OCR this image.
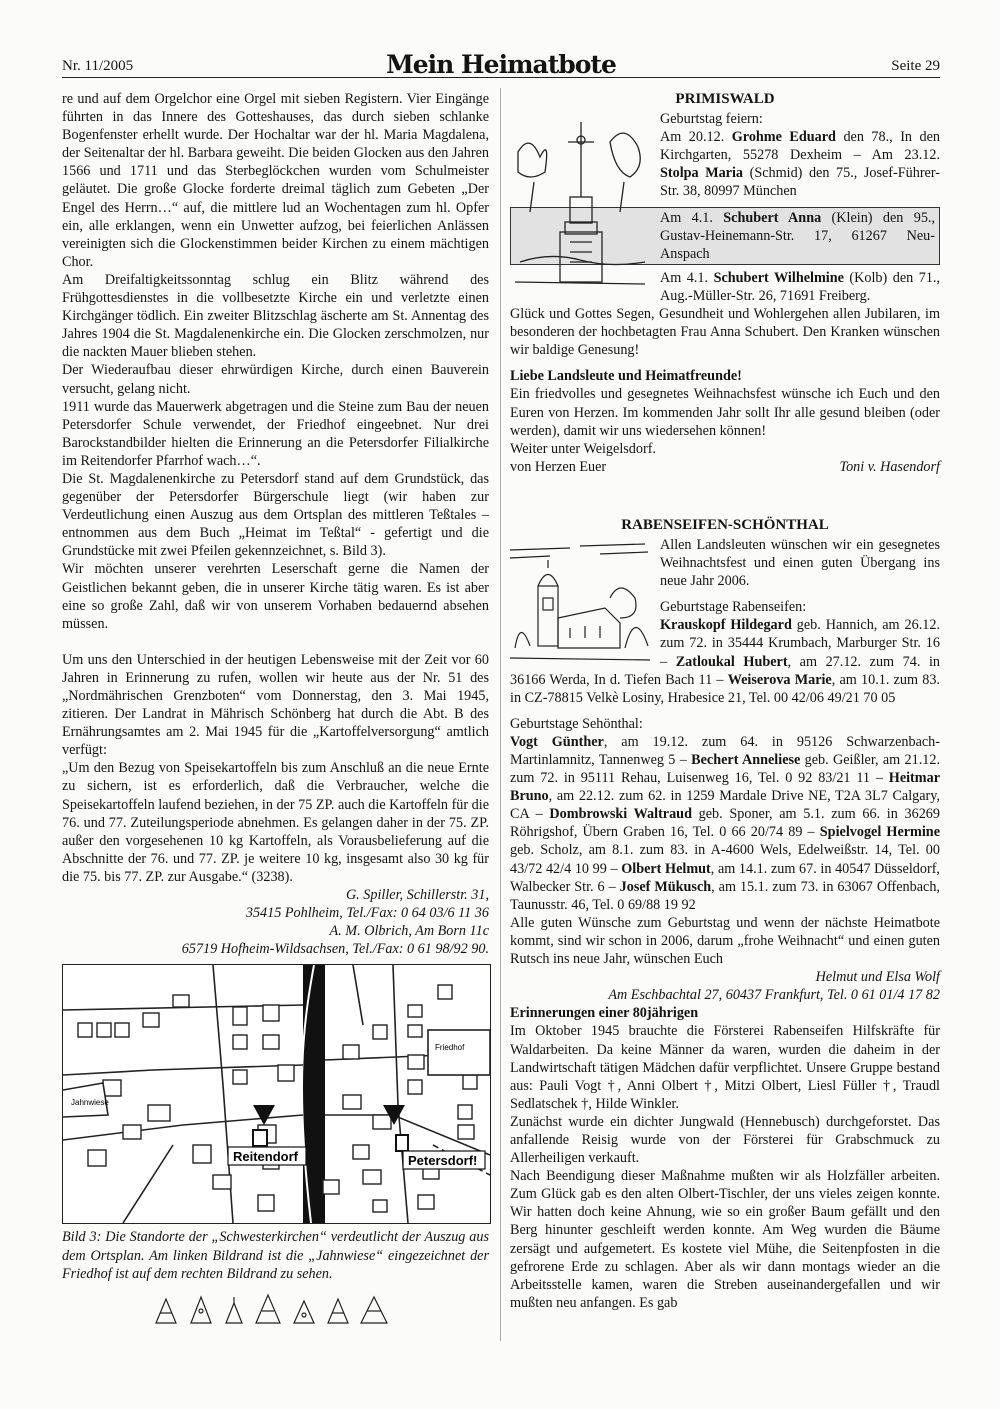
Nr. 11/2005	Mein Heimatbote	Seite 29

re und auf dem Orgelchor eine Orgel mit sieben Registern. Vier Eingänge führten in das Innere des Gotteshauses, das durch sieben schlanke Bogenfenster erhellt wurde. Der Hochaltar war der hl. Maria Magdalena, der Seitenaltar der hl. Barbara geweiht. Die beiden Glocken aus den Jahren 1566 und 1711 und das Sterbeglöckchen wurden vom Schulmeister geläutet. Die große Glocke forderte dreimal täglich zum Gebeten „Der Engel des Herrn…“ auf, die mittlere lud an Wochentagen zum hl. Opfer ein, alle erklangen, wenn ein Unwetter aufzog, bei feierlichen Anlässen vereinigten sich die Glockenstimmen beider Kirchen zu einem mächtigen Chor.

Am Dreifaltigkeitssonntag schlug ein Blitz während des Frühgottesdienstes in die vollbesetzte Kirche ein und verletzte einen Kirchgänger tödlich. Ein zweiter Blitzschlag äscherte am St. Annentag des Jahres 1904 die St. Magdalenenkirche ein. Die Glocken zerschmolzen, nur die nackten Mauer blieben stehen.

Der Wiederaufbau dieser ehrwürdigen Kirche, durch einen Bauverein versucht, gelang nicht.

1911 wurde das Mauerwerk abgetragen und die Steine zum Bau der neuen Petersdorfer Schule verwendet, der Friedhof eingeebnet. Nur drei Barockstandbilder hielten die Erinnerung an die Petersdorfer Filialkirche im Reitendorfer Pfarrhof wach…“.

Die St. Magdalenenkirche zu Petersdorf stand auf dem Grundstück, das gegenüber der Petersdorfer Bürgerschule liegt (wir haben zur Verdeutlichung einen Auszug aus dem Ortsplan des mittleren Teßtales – entnommen aus dem Buch „Heimat im Teßtal“ - gefertigt und die Grundstücke mit zwei Pfeilen gekennzeichnet, s. Bild 3).

Wir möchten unserer verehrten Leserschaft gerne die Namen der Geistlichen bekannt geben, die in unserer Kirche tätig waren. Es ist aber eine so große Zahl, daß wir von unserem Vorhaben bedauernd absehen müssen.

Um uns den Unterschied in der heutigen Lebensweise mit der Zeit vor 60 Jahren in Erinnerung zu rufen, wollen wir heute aus der Nr. 51 des „Nordmährischen Grenzboten“ vom Donnerstag, den 3. Mai 1945, zitieren. Der Landrat in Mährisch Schönberg hat durch die Abt. B des Ernährungsamtes am 2. Mai 1945 für die „Kartoffelversorgung“ amtlich verfügt:

„Um den Bezug von Speisekartoffeln bis zum Anschluß an die neue Ernte zu sichern, ist es erforderlich, daß die Verbraucher, welche die Speisekartoffeln laufend beziehen, in der 75 ZP. auch die Kartoffeln für die 76. und 77. Zuteilungsperiode abnehmen. Es gelangen daher in der 75. ZP. außer den vorgesehenen 10 kg Kartoffeln, als Vorausbelieferung auf die Abschnitte der 76. und 77. ZP. je weitere 10 kg, insgesamt also 30 kg für die 75. bis 77. ZP. zur Ausgabe.“ (3238).

G. Spiller, Schillerstr. 31,

35415 Pohlheim, Tel./Fax: 0 64 03/6 11 36

A. M. Olbrich, Am Born 11c

65719 Hofheim-Wildsachsen, Tel./Fax: 0 61 98/92 90.

Reitendorf	Petersdorf!
Jahnwiese
Friedhof

Bild 3: Die Standorte der „Schwesterkirchen“ verdeutlicht der Auszug aus dem Ortsplan. Am linken Bildrand ist die „Jahnwiese“ eingezeichnet der Friedhof ist auf dem rechten Bildrand zu sehen.

PRIMISWALD

Geburtstag feiern:

Am 20.12. Grohme Eduard den 78., In den Kirchgarten, 55278 Dexheim – Am 23.12. Stolpa Maria (Schmid) den 75., Josef-Führer-Str. 38, 80997 München

Am 4.1. Schubert Anna (Klein) den 95., Gustav-Heinemann-Str. 17, 61267 Neu-Anspach

Am 4.1. Schubert Wilhelmine (Kolb) den 71., Aug.-Müller-Str. 26, 71691 Freiberg.

Glück und Gottes Segen, Gesundheit und Wohlergehen allen Jubilaren, im besonderen der hochbetagten Frau Anna Schubert. Den Kranken wünschen wir baldige Genesung!

Liebe Landsleute und Heimatfreunde!

Ein friedvolles und gesegnetes Weihnachsfest wünsche ich Euch und den Euren von Herzen. Im kommenden Jahr sollt Ihr alle gesund bleiben (oder werden), damit wir uns wiedersehen können!

Weiter unter Weigelsdorf.

von Herzen Euer	Toni v. Hasendorf
RABENSEIFEN-SCHÖNTHAL

Allen Landsleuten wünschen wir ein gesegnetes Weihnachtsfest und einen guten Übergang ins neue Jahr 2006.

Geburtstage Rabenseifen:

Krauskopf Hildegard geb. Hannich, am 26.12. zum 72. in 35444 Krumbach, Marburger Str. 16 – Zatloukal Hubert, am 27.12. zum 74. in 36166 Werda, In d. Tiefen Bach 11 – Weiserova Marie, am 10.1. zum 83. in CZ-78815 Velkè Losiny, Hrabesice 21, Tel. 00 42/06 49/21 70 05

Geburtstage Sehönthal:

Vogt Günther, am 19.12. zum 64. in 95126 Schwarzenbach-Martinlamnitz, Tannenweg 5 – Bechert Anneliese geb. Geißler, am 21.12. zum 72. in 95111 Rehau, Luisenweg 16, Tel. 0 92 83/21 11 – Heitmar Bruno, am 22.12. zum 62. in 1259 Mardale Drive NE, T2A 3L7 Calgary, CA – Dombrowski Waltraud geb. Sponer, am 5.1. zum 66. in 36269 Röhrigshof, Übern Graben 16, Tel. 0 66 20/74 89 – Spielvogel Hermine geb. Scholz, am 8.1. zum 83. in A-4600 Wels, Edelweißstr. 14, Tel. 00 43/72 42/4 10 99 – Olbert Helmut, am 14.1. zum 67. in 40547 Düsseldorf, Walbecker Str. 6 – Josef Mükusch, am 15.1. zum 73. in 63067 Offenbach, Taunusstr. 46, Tel. 0 69/88 19 92

Alle guten Wünsche zum Geburtstag und wenn der nächste Heimatbote kommt, sind wir schon in 2006, darum „frohe Weihnacht“ und einen guten Rutsch ins neue Jahr, wünschen Euch

Helmut und Elsa Wolf

Am Eschbachtal 27, 60437 Frankfurt, Tel. 0 61 01/4 17 82

Erinnerungen einer 80jährigen

Im Oktober 1945 brauchte die Försterei Rabenseifen Hilfskräfte für Waldarbeiten. Da keine Männer da waren, wurden die daheim in der Landwirtschaft tätigen Mädchen dafür verpflichtet. Unsere Gruppe bestand aus: Pauli Vogt †, Anni Olbert †, Mitzi Olbert, Liesl Füller †, Traudl Sedlatschek †, Hilde Winkler.

Zunächst wurde ein dichter Jungwald (Hennebusch) durchgeforstet. Das anfallende Reisig wurde von der Försterei für Grabschmuck zu Allerheiligen verkauft.

Nach Beendigung dieser Maßnahme mußten wir als Holzfäller arbeiten. Zum Glück gab es den alten Olbert-Tischler, der uns vieles zeigen konnte. Wir hatten doch keine Ahnung, wie so ein großer Baum gefällt und den Berg hinunter geschleift werden konnte. Am Weg wurden die Bäume zersägt und aufgemetert. Es kostete viel Mühe, die Seitenpfosten in die gefrorene Erde zu schlagen. Aber als wir dann montags wieder an die Arbeitsstelle kamen, waren die Streben auseinandergefallen und wir mußten neu anfangen. Es gab
